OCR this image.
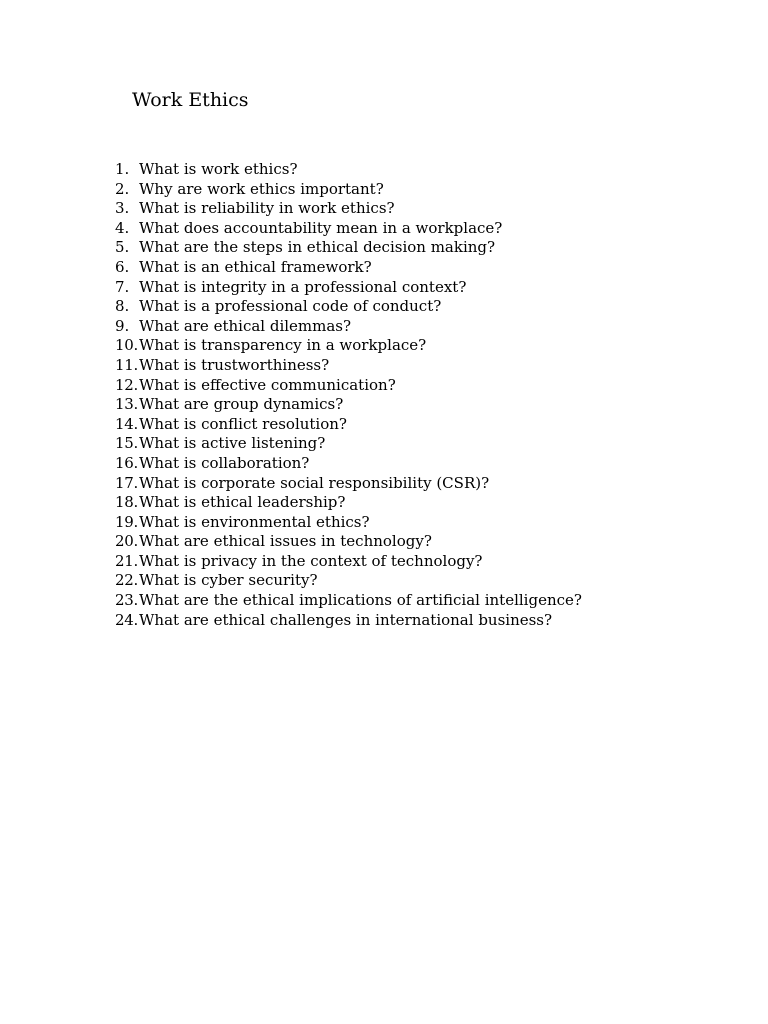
Work Ethics
1. What is work ethics?
2. Why are work ethics important?
3. What is reliability in work ethics?
4. What does accountability mean in a workplace?
5. What are the steps in ethical decision making?
6. What is an ethical framework?
7. What is integrity in a professional context?
8. What is a professional code of conduct?
9. What are ethical dilemmas?
10. What is transparency in a workplace?
11. What is trustworthiness?
12. What is effective communication?
13. What are group dynamics?
14. What is conflict resolution?
15. What is active listening?
16. What is collaboration?
17. What is corporate social responsibility (CSR)?
18. What is ethical leadership?
19. What is environmental ethics?
20. What are ethical issues in technology?
21. What is privacy in the context of technology?
22. What is cyber security?
23. What are the ethical implications of artificial intelligence?
24. What are ethical challenges in international business?
